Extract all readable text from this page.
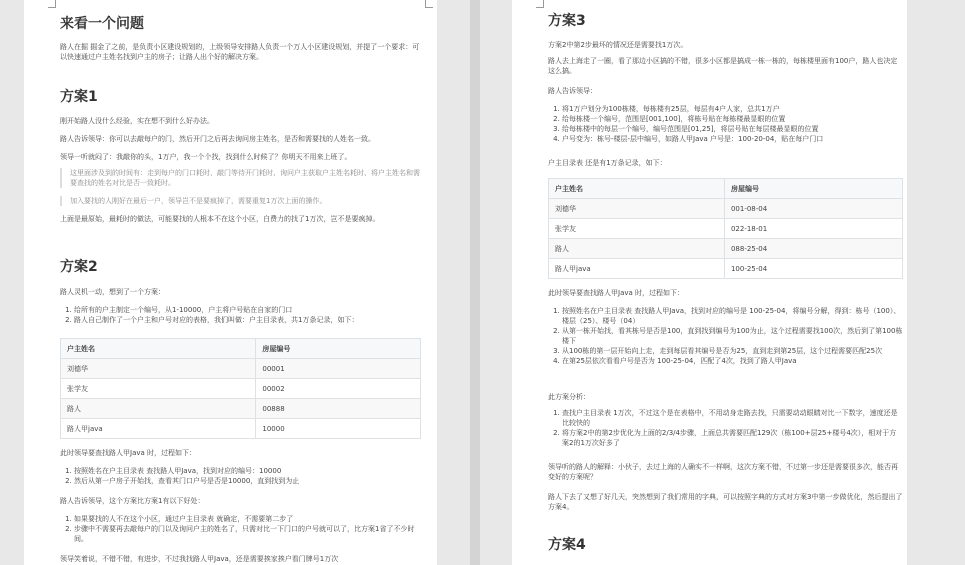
来看一个问题

路人在掘 掘金了之前，是负责小区建设规划的，上级领导安排路人负责一个万人小区建设规划，并提了一个要求：可以快速通过户主姓名找到户主的房子；让路人出个好的解决方案。

方案1

刚开始路人没什么经验，实在想不到什么好办法。

路人告诉领导：你可以去敲每户的门，然后开门之后再去询问房主姓名，是否和需要找的人姓名一致。

领导一听就闷了：我敲你的头，1万户，我一个个找，找到什么时候了？你明天不用来上班了。

这里面涉及到的时间有：走到每户的门口耗时、敲门等待开门耗时、询问户主获取户主姓名耗时、将户主姓名和需要查找的姓名对比是否一致耗时。
加入要找的人刚好在最后一户，领导岂不是要疯掉了，需要重复1万次上面的操作。

上面是最原始，最耗时的做法，可能要找的人根本不在这个小区，白费力的找了1万次，岂不是要疯掉。

方案2

路人灵机一动，想到了一个方案：

1. 给所有的户主制定一个编号，从1-10000，户主将户号贴在自家的门口
2. 路人自己制作了一个户主和户号对应的表格，我们叫做：户主目录表，共1万条记录，如下：
户主姓名	房屋编号
刘德华	00001
张学友	00002
路人	00888
路人甲java	10000

此时领导要查找路人甲Java 时，过程如下：

1. 按照姓名在户主目录表 查找路人甲Java，找到对应的编号：10000
2. 然后从第一户房子开始找，查看其门口户号是否是10000，直到找到为止

路人告诉领导，这个方案比方案1有以下好处：

1. 如果要找的人不在这个小区，通过户主目录表 就确定，不需要第二步了
2. 步骤中不需要再去敲每户的门以及询问户主的姓名了，只需对比一下门口的户号就可以了，比方案1省了不少时间。

领导笑着说，不错不错，有进步，不过我找路人甲Java，还是需要挨家挨户看门牌号1万次

方案3

方案2中第2步最坏的情况还是需要找1万次。

路人去上海走了一圈，看了那边小区搞的不错，很多小区都是搞成一栋一栋的，每栋楼里面有100户，路人也决定这么搞。

路人告诉领导：

1. 将1万户划分为100栋楼，每栋楼有25层，每层有4户人家，总共1万户
2. 给每栋楼一个编号，范围是[001,100]，将栋号贴在每栋楼最显眼的位置
3. 给每栋楼中的每层一个编号，编号范围是[01,25]，将层号贴在每层楼最显眼的位置
4. 户号变为：栋号-楼层-层中编号，如路人甲Java 户号是：100-20-04，贴在每户门口

户主目录表 还是有1万条记录，如下：

户主姓名	房屋编号
刘德华	001-08-04
张学友	022-18-01
路人	088-25-04
路人甲java	100-25-04

此时领导要查找路人甲Java 时，过程如下：

1. 按照姓名在户主目录表 查找路人甲Java，找到对应的编号是 100-25-04，将编号分解，得到：栋号（100）、楼层（25）、楼号（04）
2. 从第一栋开始找，看其栋号是否是100，直到找到编号为100为止，这个过程需要找100次，然后到了第100栋楼下
3. 从100栋的第一层开始向上走，走到每层看其编号是否为25，直到走到第25层，这个过程需要匹配25次
4. 在第25层依次看看户号是否为 100-25-04，匹配了4次，找到了路人甲Java

此方案分析：

1. 查找户主目录表 1万次，不过这个是在表格中，不用动身走路去找，只需要动动眼睛对比一下数字，速度还是比较快的
2. 将方案2中的第2步优化为上面的2/3/4步骤，上面总共需要匹配129次（栋100+层25+楼号4次），相对于方案2的1万次好多了

领导听的路人的解释：小伙子，去过上海的人确实不一样啊，这次方案不错，不过第一步还是需要很多次，能否再变好的方案呢？

路人下去了又想了好几天，突然想到了我们常用的字典，可以按照字典的方式对方案3中第一步做优化，然后提出了方案4。

方案4
